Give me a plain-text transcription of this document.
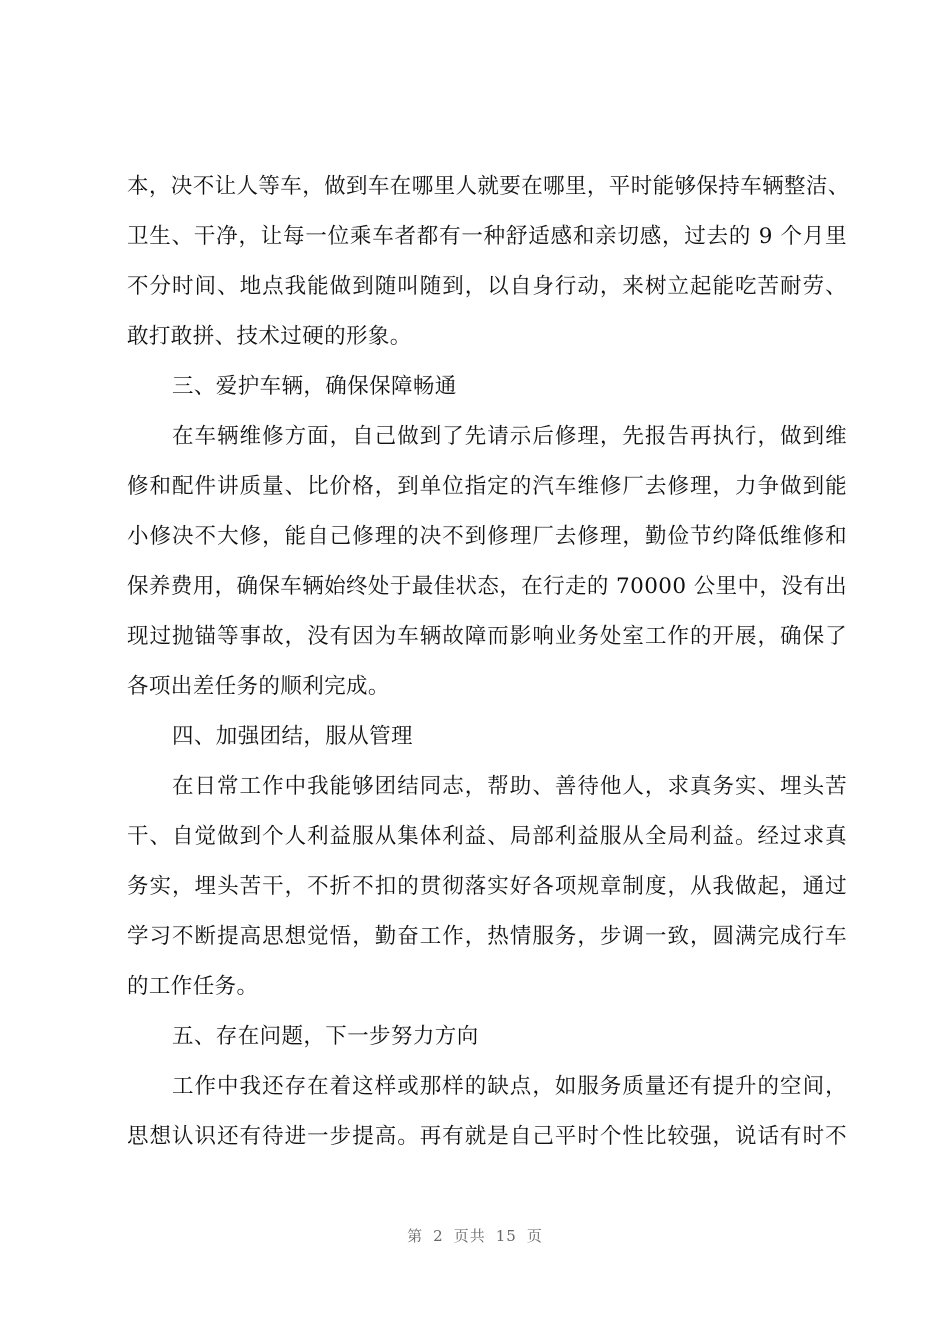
本，决不让人等车，做到车在哪里人就要在哪里，平时能够保持车辆整洁、
卫生、干净，让每一位乘车者都有一种舒适感和亲切感，过去的 9 个月里
不分时间、地点我能做到随叫随到，以自身行动，来树立起能吃苦耐劳、
敢打敢拼、技术过硬的形象。
三、爱护车辆，确保保障畅通
在车辆维修方面，自己做到了先请示后修理，先报告再执行，做到维
修和配件讲质量、比价格，到单位指定的汽车维修厂去修理，力争做到能
小修决不大修，能自己修理的决不到修理厂去修理，勤俭节约降低维修和
保养费用，确保车辆始终处于最佳状态，在行走的 70000 公里中，没有出
现过抛锚等事故，没有因为车辆故障而影响业务处室工作的开展，确保了
各项出差任务的顺利完成。
四、加强团结，服从管理
在日常工作中我能够团结同志，帮助、善待他人，求真务实、埋头苦
干、自觉做到个人利益服从集体利益、局部利益服从全局利益。经过求真
务实，埋头苦干，不折不扣的贯彻落实好各项规章制度，从我做起，通过
学习不断提高思想觉悟，勤奋工作，热情服务，步调一致，圆满完成行车
的工作任务。
五、存在问题，下一步努力方向
工作中我还存在着这样或那样的缺点，如服务质量还有提升的空间，
思想认识还有待进一步提高。再有就是自己平时个性比较强，说话有时不
第 2 页共 15 页
